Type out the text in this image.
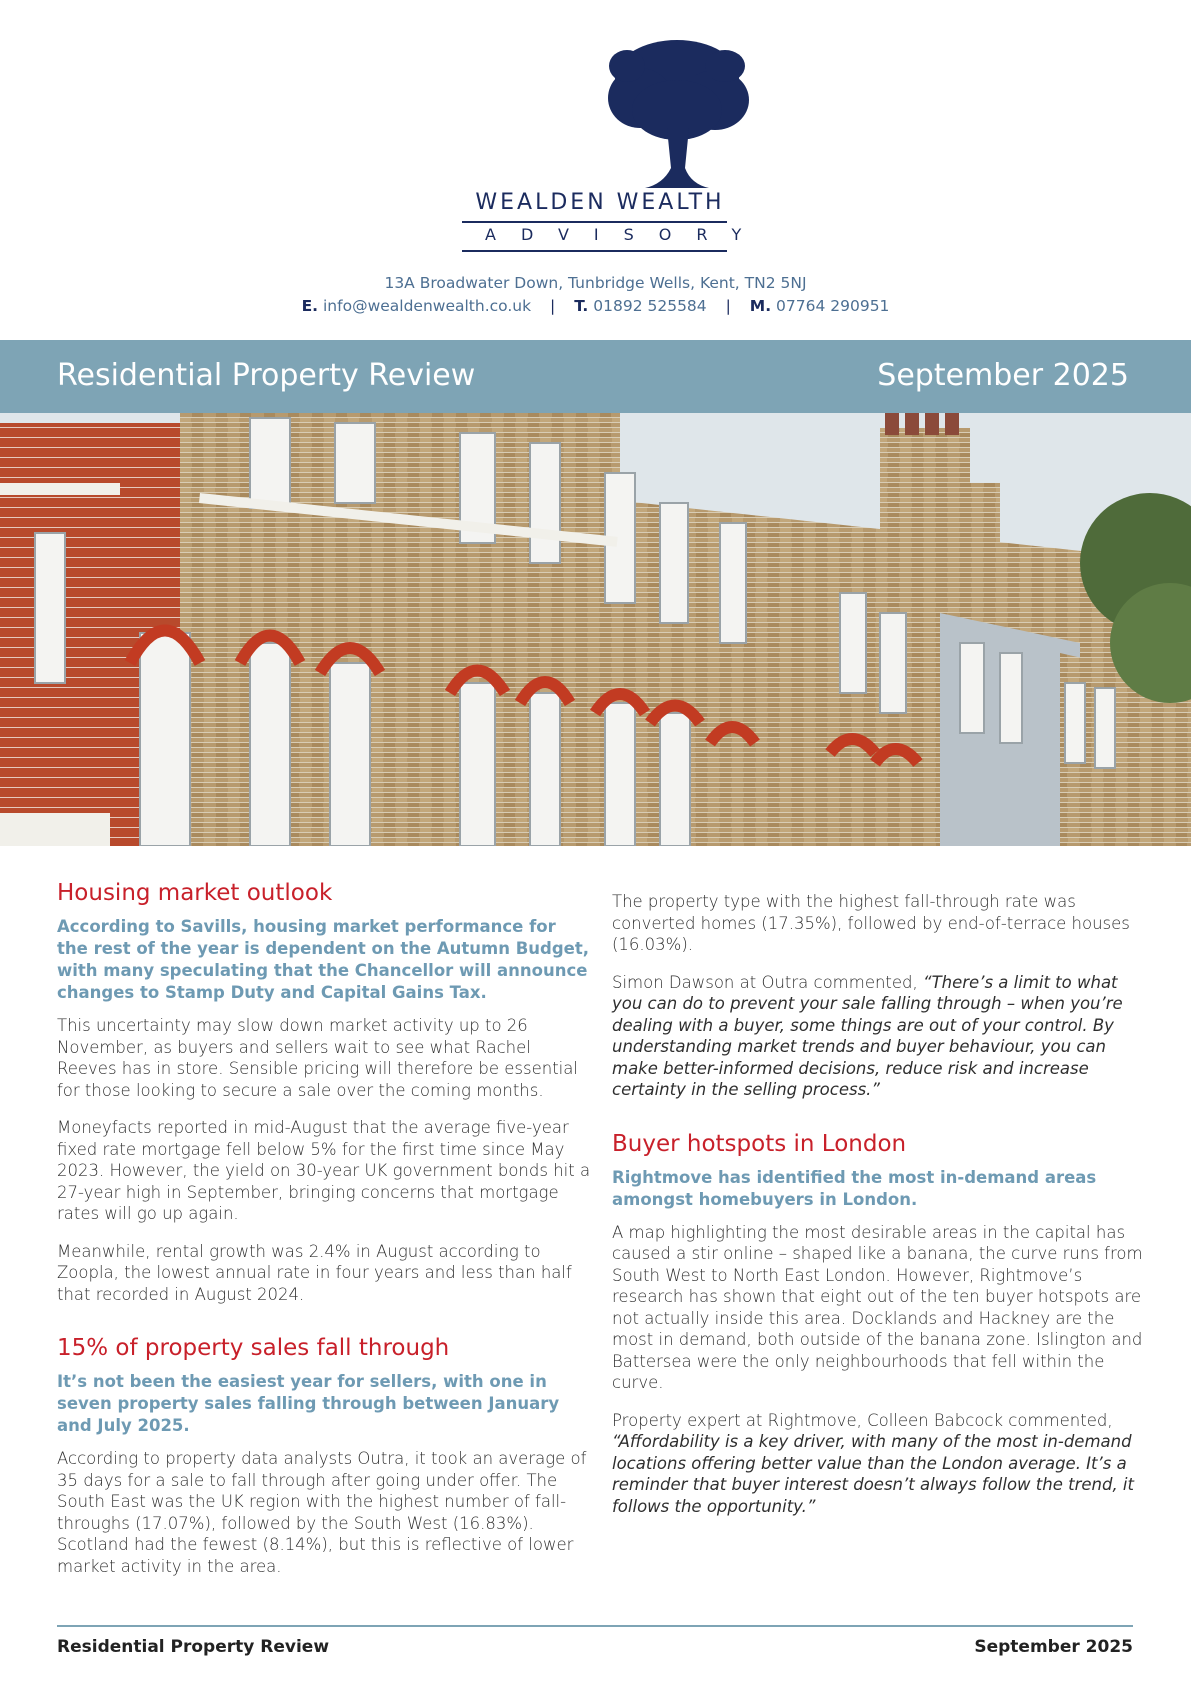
WEALDEN WEALTH
ADVISORY
13A Broadwater Down, Tunbridge Wells, Kent, TN2 5NJ
E. info@wealdenwealth.co.uk | T. 01892 525584 | M. 07764 290951
Residential Property Review	September 2025
Housing market outlook
According to Savills, housing market performance for the rest of the year is dependent on the Autumn Budget, with many speculating that the Chancellor will announce changes to Stamp Duty and Capital Gains Tax.

This uncertainty may slow down market activity up to 26 November, as buyers and sellers wait to see what Rachel Reeves has in store. Sensible pricing will therefore be essential for those looking to secure a sale over the coming months.

Moneyfacts reported in mid-August that the average five-year fixed rate mortgage fell below 5% for the first time since May 2023. However, the yield on 30-year UK government bonds hit a 27-year high in September, bringing concerns that mortgage rates will go up again.

Meanwhile, rental growth was 2.4% in August according to Zoopla, the lowest annual rate in four years and less than half that recorded in August 2024.

15% of property sales fall through
It’s not been the easiest year for sellers, with one in seven property sales falling through between January and July 2025.

According to property data analysts Outra, it took an average of 35 days for a sale to fall through after going under offer. The South East was the UK region with the highest number of fall-throughs (17.07%), followed by the South West (16.83%). Scotland had the fewest (8.14%), but this is reflective of lower market activity in the area.

The property type with the highest fall-through rate was converted homes (17.35%), followed by end-of-terrace houses (16.03%).

Simon Dawson at Outra commented, “There’s a limit to what you can do to prevent your sale falling through – when you’re dealing with a buyer, some things are out of your control. By understanding market trends and buyer behaviour, you can make better-informed decisions, reduce risk and increase certainty in the selling process.”

Buyer hotspots in London
Rightmove has identified the most in-demand areas amongst homebuyers in London.

A map highlighting the most desirable areas in the capital has caused a stir online – shaped like a banana, the curve runs from South West to North East London. However, Rightmove’s research has shown that eight out of the ten buyer hotspots are not actually inside this area. Docklands and Hackney are the most in demand, both outside of the banana zone. Islington and Battersea were the only neighbourhoods that fell within the curve.

Property expert at Rightmove, Colleen Babcock commented, “Affordability is a key driver, with many of the most in-demand locations offering better value than the London average. It’s a reminder that buyer interest doesn’t always follow the trend, it follows the opportunity.”

Residential Property Review	September 2025
